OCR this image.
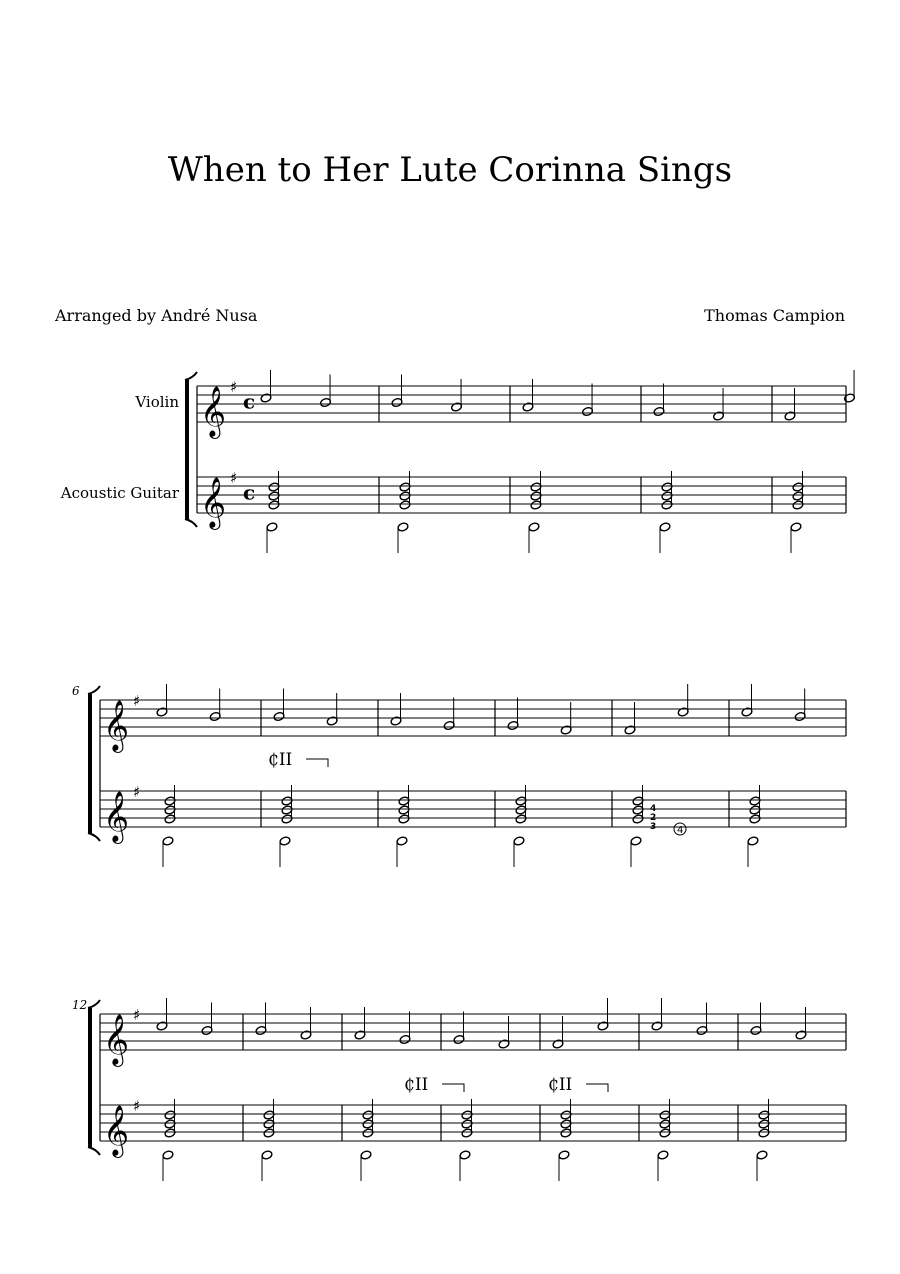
When to Her Lute Corinna Sings
Arranged by André Nusa	Thomas Campion
Violin
Acoustic Guitar
6
12
𝄞 ♯
c
𝄞 ♯
c
𝄞 ♯
𝄞 ♯
𝄞 ♯
𝄞 ♯
4
2
3 4
₵II
₵II	₵II
